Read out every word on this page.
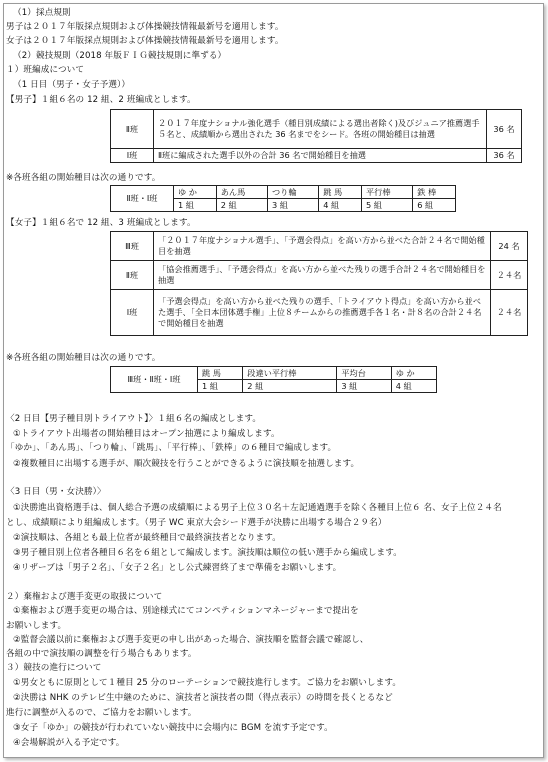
（1）採点規則
男子は２０１７年版採点規則および体操競技情報最新号を適用します。
女子は２０１７年版採点規則および体操競技情報最新号を適用します。
（2）競技規則（2018 年版ＦＩＧ競技規則に準ずる）
１）班編成について
（1 日目（男子・女子予選））
【男子】１組６名の 12 組、2 班編成とします。
Ⅱ班	２０１７年度ナショナル強化選手（種目別成績による選出者除く)及びジュニア推薦選手５名と、成績順から選出された 36 名までをシード。各班の開始種目は抽選	36 名
Ⅰ班	Ⅱ班に編成された選手以外の合計 36 名で開始種目を抽選	36 名
※各班各組の開始種目は次の通りです。
Ⅱ班・Ⅰ班	ゆ か	あん馬	つり輪	跳 馬	平行棒	鉄 棒
	1 組	2 組	3 組	4 組	5 組	6 組
【女子】１組６名で 12 組、3 班編成とします。
Ⅲ班	「２０１７年度ナショナル選手」、「予選会得点」を高い方から並べた合計２４名で開始種目を抽選	24 名
Ⅱ班	「協会推薦選手」、「予選会得点」を高い方から並べた残りの選手合計２４名で開始種目を抽選	２４名
Ⅰ班	「予選会得点」を高い方から並べた残りの選手、「トライアウト得点」を高い方から並べた選手、「全日本団体選手権」上位８チームからの推薦選手各１名・計８名の合計２４名で開始種目を抽選	２４名
※各班各組の開始種目は次の通りです。
Ⅲ班・Ⅱ班・Ⅰ班	跳 馬	段違い平行棒	平均台	ゆ か
	1 組	2 組	3 組	4 組
〈2 日目【男子種目別トライアウト】〉１組６名の編成とします。
①トライアウト出場者の開始種目はオープン抽選により編成します。
「ゆか」、「あん馬」、「つり輪」、「跳馬」、「平行棒」、「鉄棒」の６種目で編成します。
②複数種目に出場する選手が、順次競技を行うことができるように演技順を抽選します。
〈3 日目（男・女決勝）〉
①決勝進出資格選手は、個人総合予選の成績順による男子上位３０名＋左記通過選手を除く各種目上位６ 名、女子上位２４名
とし、成績順により組編成します。（男子 WC 東京大会シード選手が決勝に出場する場合２９名）
②演技順は、各組とも最上位者が最終種目で最終演技者となります。
③男子種目別上位者各種目６名を６組として編成します。演技順は順位の低い選手から編成します。
④リザーブは「男子２名」、「女子２名」とし公式練習終了まで準備をお願いします。
２）棄権および選手変更の取扱について
①棄権および選手変更の場合は、別途様式にてコンペティションマネージャーまで提出を
お願いします。
②監督会議以前に棄権および選手変更の申し出があった場合、演技順を監督会議で確認し、
各組の中で演技順の調整を行う場合もあります。
３）競技の進行について
①男女ともに原則として１種目 25 分のローテーションで競技進行します。ご協力をお願いします。
②決勝は NHK のテレビ生中継のために、演技者と演技者の間（得点表示）の時間を長くとるなど
進行に調整が入るので、ご協力をお願いします。
③女子「ゆか」の競技が行われていない競技中に会場内に BGM を流す予定です。
④会場解説が入る予定です。
